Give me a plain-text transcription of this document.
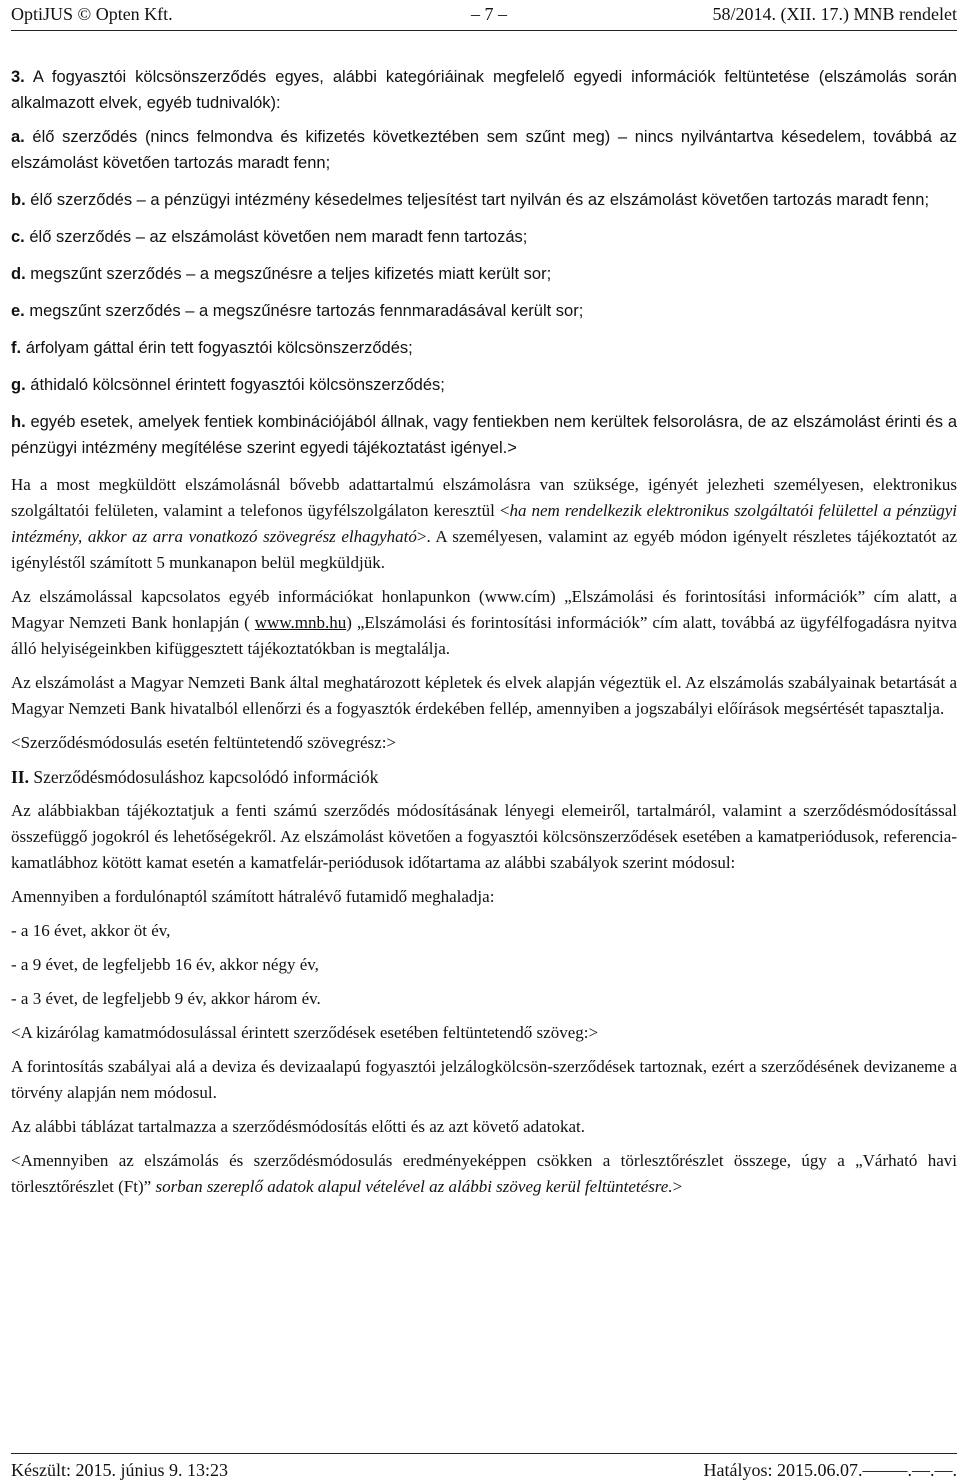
OptiJUS © Opten Kft.	– 7 –	58/2014. (XII. 17.) MNB rendelet

3. A fogyasztói kölcsönszerződés egyes, alábbi kategóriáinak megfelelő egyedi információk feltüntetése (elszámolás során alkalmazott elvek, egyéb tudnivalók):

a. élő szerződés (nincs felmondva és kifizetés következtében sem szűnt meg) – nincs nyilvántartva késedelem, továbbá az elszámolást követően tartozás maradt fenn;

b. élő szerződés – a pénzügyi intézmény késedelmes teljesítést tart nyilván és az elszámolást követően tartozás maradt fenn;

c. élő szerződés – az elszámolást követően nem maradt fenn tartozás;

d. megszűnt szerződés – a megszűnésre a teljes kifizetés miatt került sor;

e. megszűnt szerződés – a megszűnésre tartozás fennmaradásával került sor;

f. árfolyam gáttal érin tett fogyasztói kölcsönszerződés;

g. áthidaló kölcsönnel érintett fogyasztói kölcsönszerződés;

h. egyéb esetek, amelyek fentiek kombinációjából állnak, vagy fentiekben nem kerültek felsorolásra, de az elszámolást érinti és a pénzügyi intézmény megítélése szerint egyedi tájékoztatást igényel.>

Ha a most megküldött elszámolásnál bővebb adattartalmú elszámolásra van szüksége, igényét jelezheti személyesen, elektronikus szolgáltatói felületen, valamint a telefonos ügyfélszolgálaton keresztül <ha nem rendelkezik elektronikus szolgáltatói felülettel a pénzügyi intézmény, akkor az arra vonatkozó szövegrész elhagyható>. A személyesen, valamint az egyéb módon igényelt részletes tájékoztatót az igényléstől számított 5 munkanapon belül megküldjük.

Az elszámolással kapcsolatos egyéb információkat honlapunkon (www.cím) „Elszámolási és forintosítási információk” cím alatt, a Magyar Nemzeti Bank honlapján ( www.mnb.hu) „Elszámolási és forintosítási információk” cím alatt, továbbá az ügyfélfogadásra nyitva álló helyiségeinkben kifüggesztett tájékoztatókban is megtalálja.

Az elszámolást a Magyar Nemzeti Bank által meghatározott képletek és elvek alapján végeztük el. Az elszámolás szabályainak betartását a Magyar Nemzeti Bank hivatalból ellenőrzi és a fogyasztók érdekében fellép, amennyiben a jogszabályi előírások megsértését tapasztalja.

<Szerződésmódosulás esetén feltüntetendő szövegrész:>

II. Szerződésmódosuláshoz kapcsolódó információk

Az alábbiakban tájékoztatjuk a fenti számú szerződés módosításának lényegi elemeiről, tartalmáról, valamint a szerződésmódosítással összefüggő jogokról és lehetőségekről. Az elszámolást követően a fogyasztói kölcsönszerződések esetében a kamatperiódusok, referencia-kamatlábhoz kötött kamat esetén a kamatfelár-periódusok időtartama az alábbi szabályok szerint módosul:

Amennyiben a fordulónaptól számított hátralévő futamidő meghaladja:

- a 16 évet, akkor öt év,

- a 9 évet, de legfeljebb 16 év, akkor négy év,

- a 3 évet, de legfeljebb 9 év, akkor három év.

<A kizárólag kamatmódosulással érintett szerződések esetében feltüntetendő szöveg:>

A forintosítás szabályai alá a deviza és devizaalapú fogyasztói jelzálogkölcsön-szerződések tartoznak, ezért a szerződésének devizaneme a törvény alapján nem módosul.

Az alábbi táblázat tartalmazza a szerződésmódosítás előtti és az azt követő adatokat.

<Amennyiben az elszámolás és szerződésmódosulás eredményeképpen csökken a törlesztőrészlet összege, úgy a „Várható havi törlesztőrészlet (Ft)” sorban szereplő adatok alapul vételével az alábbi szöveg kerül feltüntetésre.>

Készült: 2015. június 9. 13:23	Hatályos: 2015.06.07.–––––.––.––.
